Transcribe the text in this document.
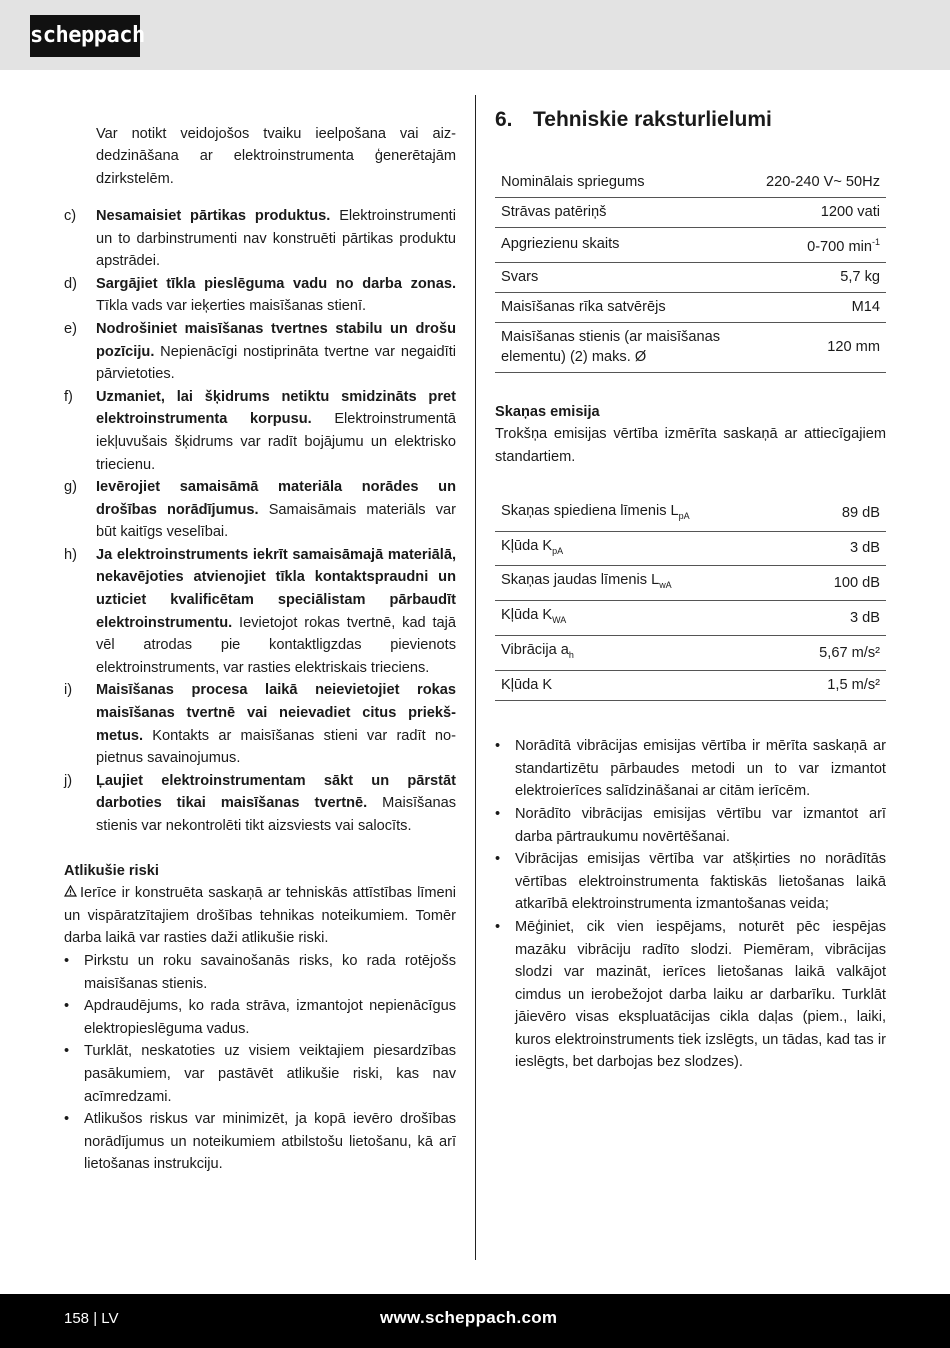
scheppach

Var notikt veidojošos tvaiku ieelpošana vai aizdedzināšana ar elektroinstrumenta ģenerētajām dzirkstelēm.

c)	Nesamaisiet pārtikas produktus. Elektroinstrumenti un to darbinstrumenti nav konstruēti pārtikas produktu apstrādei.
d)	Sargājiet tīkla pieslēguma vadu no darba zonas. Tīkla vads var ieķerties maisīšanas stienī.
e)	Nodrošiniet maisīšanas tvertnes stabilu un drošu pozīciju. Nepienācīgi nostiprināta tvertne var negaidīti pārvietoties.
f)	Uzmaniet, lai šķidrums netiktu smidzināts pret elektroinstrumenta korpusu. Elektroinstrumentā iekļuvušais šķidrums var radīt bojājumu un elektrisko triecienu.
g)	Ievērojiet samaisāmā materiāla norādes un drošības norādījumus. Samaisāmais materiāls var būt kaitīgs veselībai.
h)	Ja elektroinstruments iekrīt samaisāmajā materiālā, nekavējoties atvienojiet tīkla kontaktspraudni un uzticiet kvalificētam speciālistam pārbaudīt elektroinstrumentu. Ievietojot rokas tvertnē, kad tajā vēl atrodas pie kontaktligzdas pievienots elektroinstruments, var rasties elektriskais trieciens.
i)	Maisīšanas procesa laikā neievietojiet rokas maisīšanas tvertnē vai neievadiet citus priekšmetus. Kontakts ar maisīšanas stieni var radīt nopietnus savainojumus.
j)	Ļaujiet elektroinstrumentam sākt un pārstāt darboties tikai maisīšanas tvertnē. Maisīšanas stienis var nekontrolēti tikt aizsviests vai salocīts.

Atlikušie riski

Ierīce ir konstruēta saskaņā ar tehniskās attīstības līmeni un vispāratzītajiem drošības tehnikas noteikumiem. Tomēr darba laikā var rasties daži atlikušie riski.

•	Pirkstu un roku savainošanās risks, ko rada rotējošs maisīšanas stienis.
•	Apdraudējums, ko rada strāva, izmantojot nepienācīgus elektropieslēguma vadus.
•	Turklāt, neskatoties uz visiem veiktajiem piesardzības pasākumiem, var pastāvēt atlikušie riski, kas nav acīmredzami.
•	Atlikušos riskus var minimizēt, ja kopā ievēro drošības norādījumus un noteikumiem atbilstošu lietošanu, kā arī lietošanas instrukciju.
6. Tehniskie raksturlielumi
Nominālais spriegums	220-240 V~ 50Hz
Strāvas patēriņš	1200 vati
Apgriezienu skaits	0-700 $\min^{-1}$
Svars	5,7 kg
Maisīšanas rīka satvērējs	M14
Maisīšanas stienis (ar maisīšanas elementu) (2) maks. Ø	120 mm

Skaņas emisija

Trokšņa emisijas vērtība izmērīta saskaņā ar attiecīgajiem standartiem.

Skaņas spiediena līmenis $L_{pA}$	89 dB
Kļūda $K_{pA}$	3 dB
Skaņas jaudas līmenis $L_{wA}$	100 dB
Kļūda $K_{WA}$	3 dB
Vibrācija $a_h$	5,67 m/s²
Kļūda K	1,5 m/s²
•	Norādītā vibrācijas emisijas vērtība ir mērīta saskaņā ar standartizētu pārbaudes metodi un to var izmantot elektroierīces salīdzināšanai ar citām ierīcēm.
•	Norādīto vibrācijas emisijas vērtību var izmantot arī darba pārtraukumu novērtēšanai.
•	Vibrācijas emisijas vērtība var atšķirties no norādītās vērtības elektroinstrumenta faktiskās lietošanas laikā atkarībā elektroinstrumenta izmantošanas veida;
•	Mēģiniet, cik vien iespējams, noturēt pēc iespējas mazāku vibrāciju radīto slodzi. Piemēram, vibrācijas slodzi var mazināt, ierīces lietošanas laikā valkājot cimdus un ierobežojot darba laiku ar darbarīku. Turklāt jāievēro visas ekspluatācijas cikla daļas (piem., laiki, kuros elektroinstruments tiek izslēgts, un tādas, kad tas ir ieslēgts, bet darbojas bez slodzes).
158 | LV	www.scheppach.com
